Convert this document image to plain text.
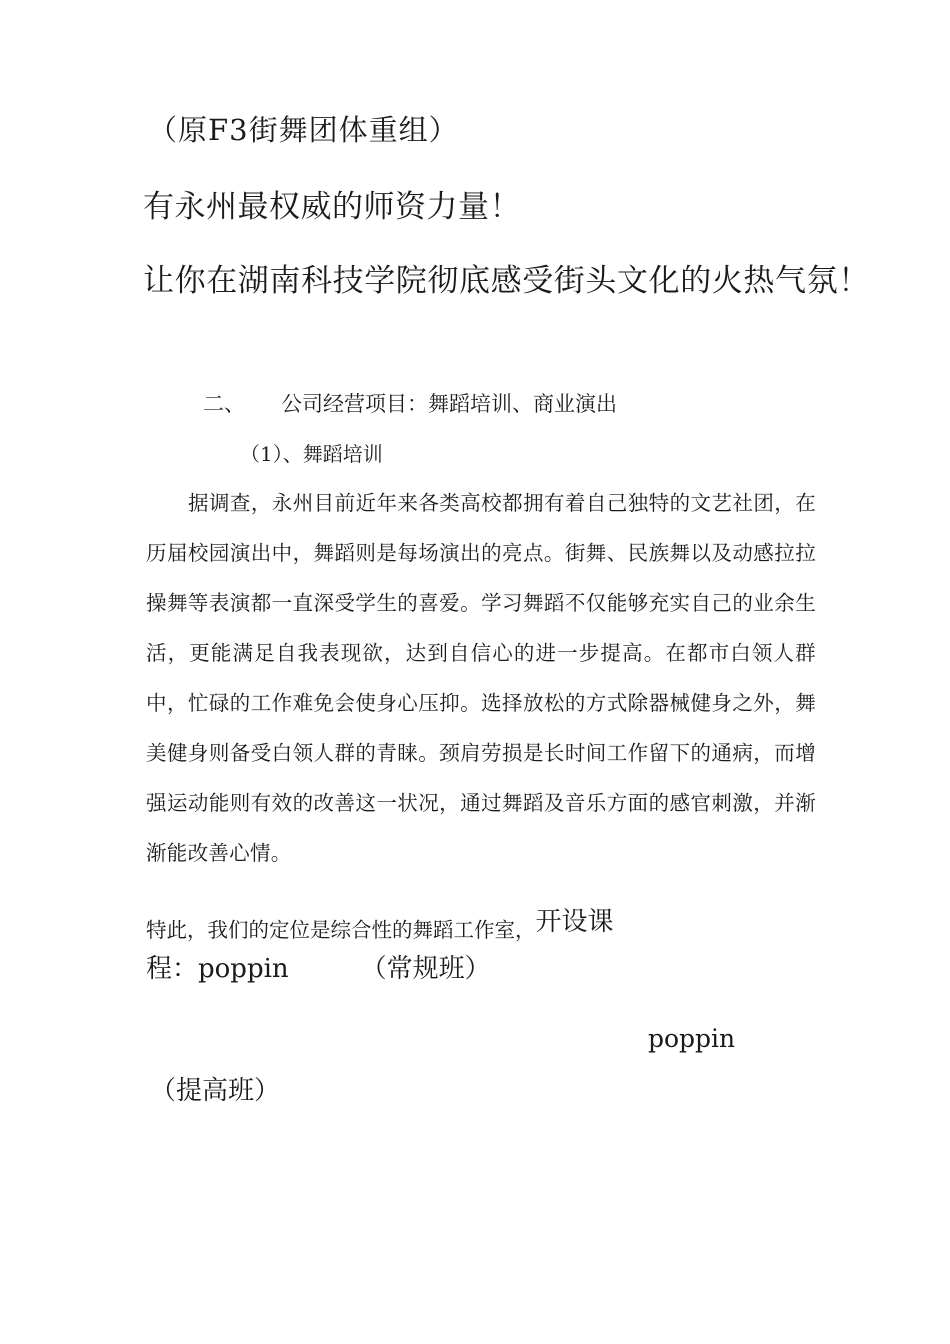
（原F3街舞团体重组）

有永州最权威的师资力量！

让你在湖南科技学院彻底感受街头文化的火热气氛！

二、 公司经营项目：舞蹈培训、商业演出

（1）、舞蹈培训

据调查，永州目前近年来各类高校都拥有着自己独特的文艺社团，在历届校园演出中，舞蹈则是每场演出的亮点。街舞、民族舞以及动感拉拉操舞等表演都一直深受学生的喜爱。学习舞蹈不仅能够充实自己的业余生活，更能满足自我表现欲，达到自信心的进一步提高。在都市白领人群中，忙碌的工作难免会使身心压抑。选择放松的方式除器械健身之外，舞美健身则备受白领人群的青睐。颈肩劳损是长时间工作留下的通病，而增强运动能则有效的改善这一状况，通过舞蹈及音乐方面的感官刺激，并渐渐能改善心情。

特此，我们的定位是综合性的舞蹈工作室，开设课

程：poppin	（常规班）

poppin

（提高班）
